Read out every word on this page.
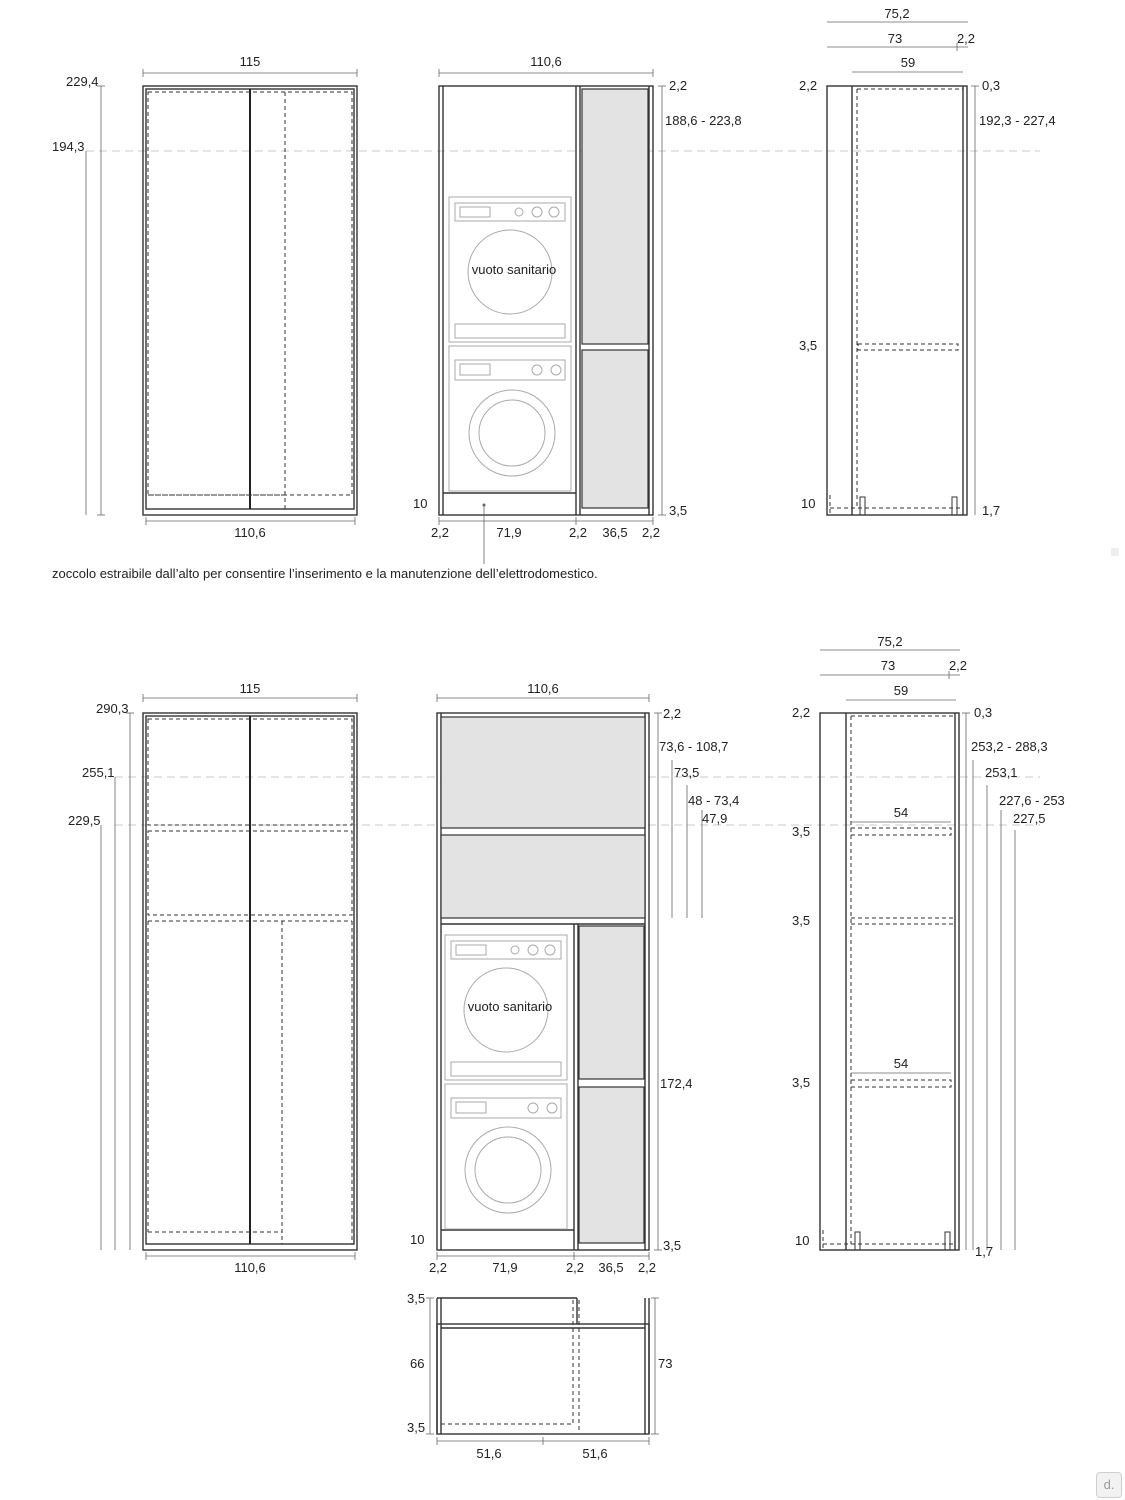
115
229,4
194,3
110,6
110,6
vuoto sanitario
2,2
188,6 - 223,8
3,5
10
2,2	71,9	2,2 36,5 2,2
zoccolo estraibile dall’alto per consentire l’inserimento e la manutenzione dell’elettrodomestico.
75,2
73	2,2
59
2,2	0,3
192,3 - 227,4
3,5
10	1,7
115
290,3
255,1
229,5
110,6
110,6
vuoto sanitario
2,2
73,6 - 108,7
73,5
48 - 73,4
47,9
172,4
3,5
10
2,2	71,9	2,2 36,5 2,2
75,2
73	2,2
59
54
54
2,2	0,3
253,2 - 288,3
253,1
227,6 - 253
227,5
3,5
3,5
3,5
10
1,7
3,5
66
3,5
73
51,6	51,6
d.
